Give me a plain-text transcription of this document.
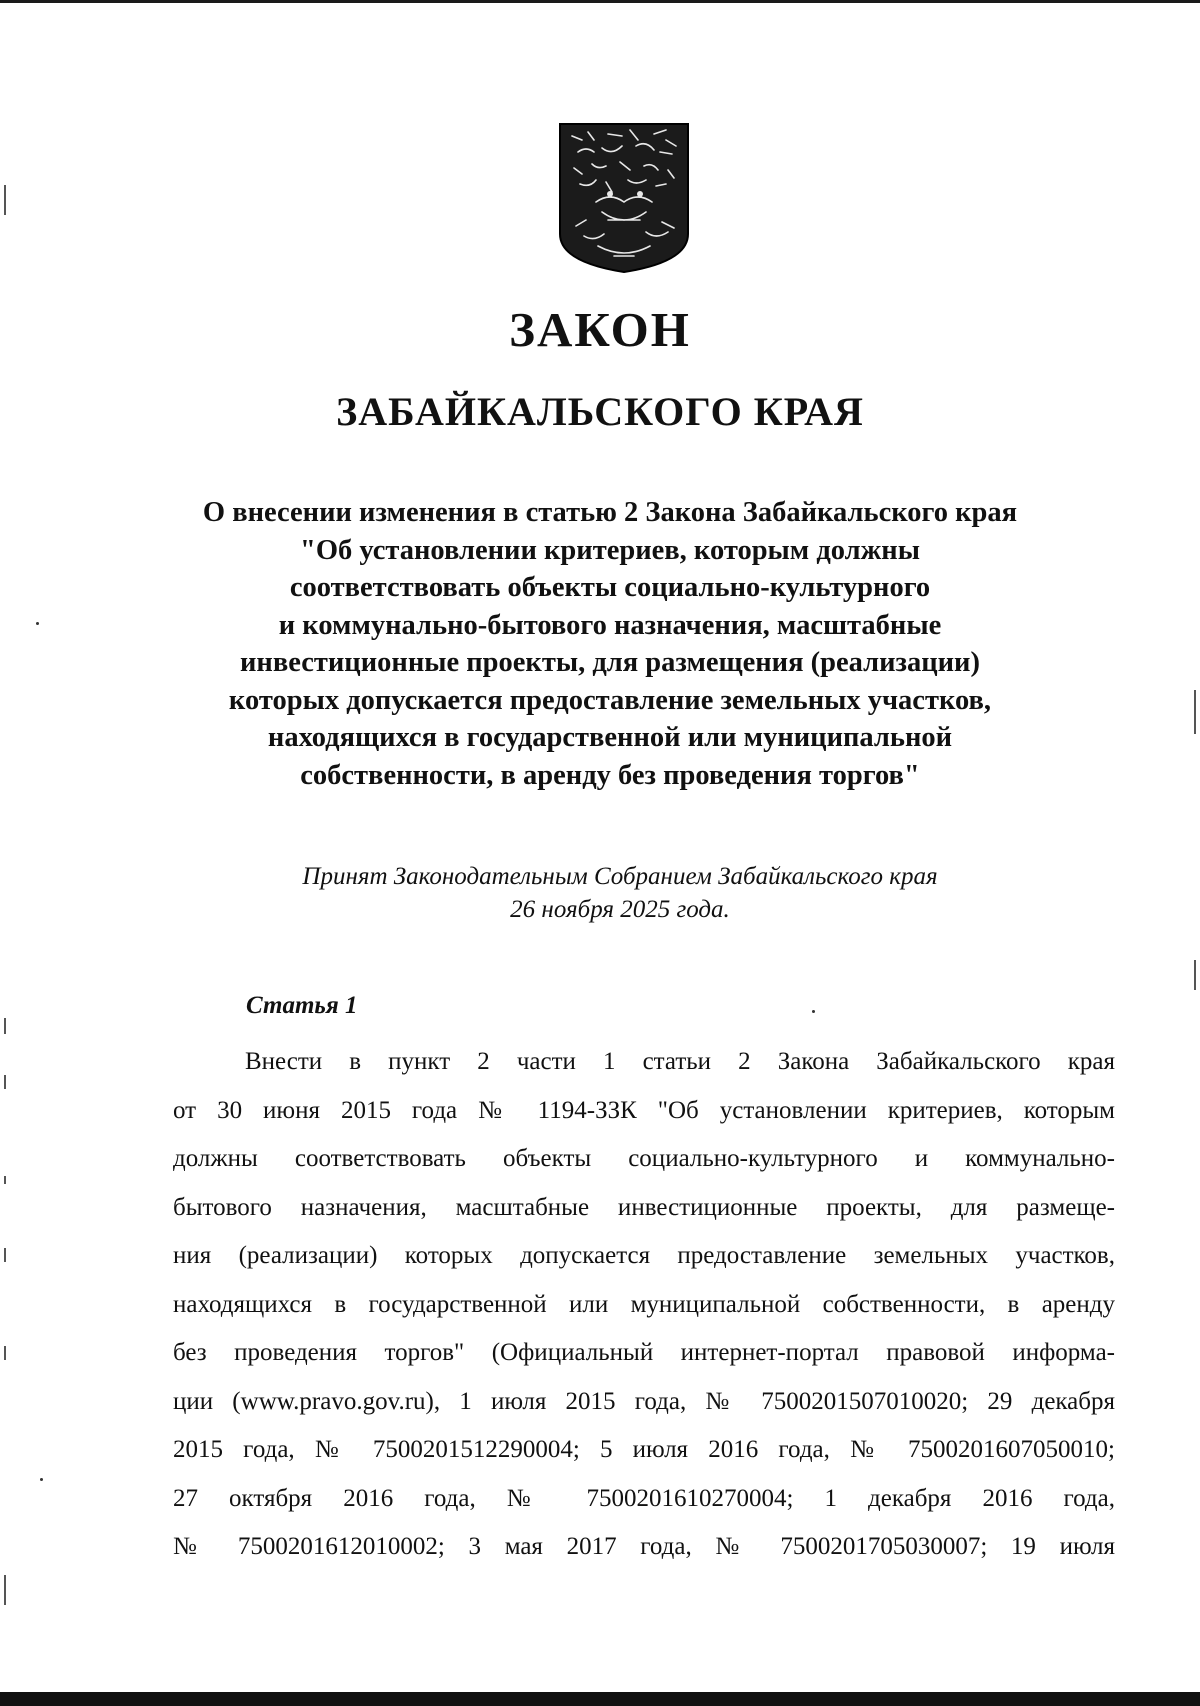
ЗАКОН
ЗАБАЙКАЛЬСКОГО КРАЯ
О внесении изменения в статью 2 Закона Забайкальского края
"Об установлении критериев, которым должны
соответствовать объекты социально-культурного
и коммунально-бытового назначения, масштабные
инвестиционные проекты, для размещения (реализации)
которых допускается предоставление земельных участков,
находящихся в государственной или муниципальной
собственности, в аренду без проведения торгов"
Принят Законодательным Собранием Забайкальского края
26 ноября 2025 года.
Статья 1
Внести в пункт 2 части 1 статьи 2 Закона Забайкальского края
от 30 июня 2015 года № 1194-ЗЗК "Об установлении критериев, которым
должны соответствовать объекты социально-культурного и коммунально-
бытового назначения, масштабные инвестиционные проекты, для размеще-
ния (реализации) которых допускается предоставление земельных участков,
находящихся в государственной или муниципальной собственности, в аренду
без проведения торгов" (Официальный интернет-портал правовой информа-
ции (www.pravo.gov.ru), 1 июля 2015 года, № 7500201507010020; 29 декабря
2015 года, № 7500201512290004; 5 июля 2016 года, № 7500201607050010;
27 октября 2016 года, № 7500201610270004; 1 декабря 2016 года,
№ 7500201612010002; 3 мая 2017 года, № 7500201705030007; 19 июля
